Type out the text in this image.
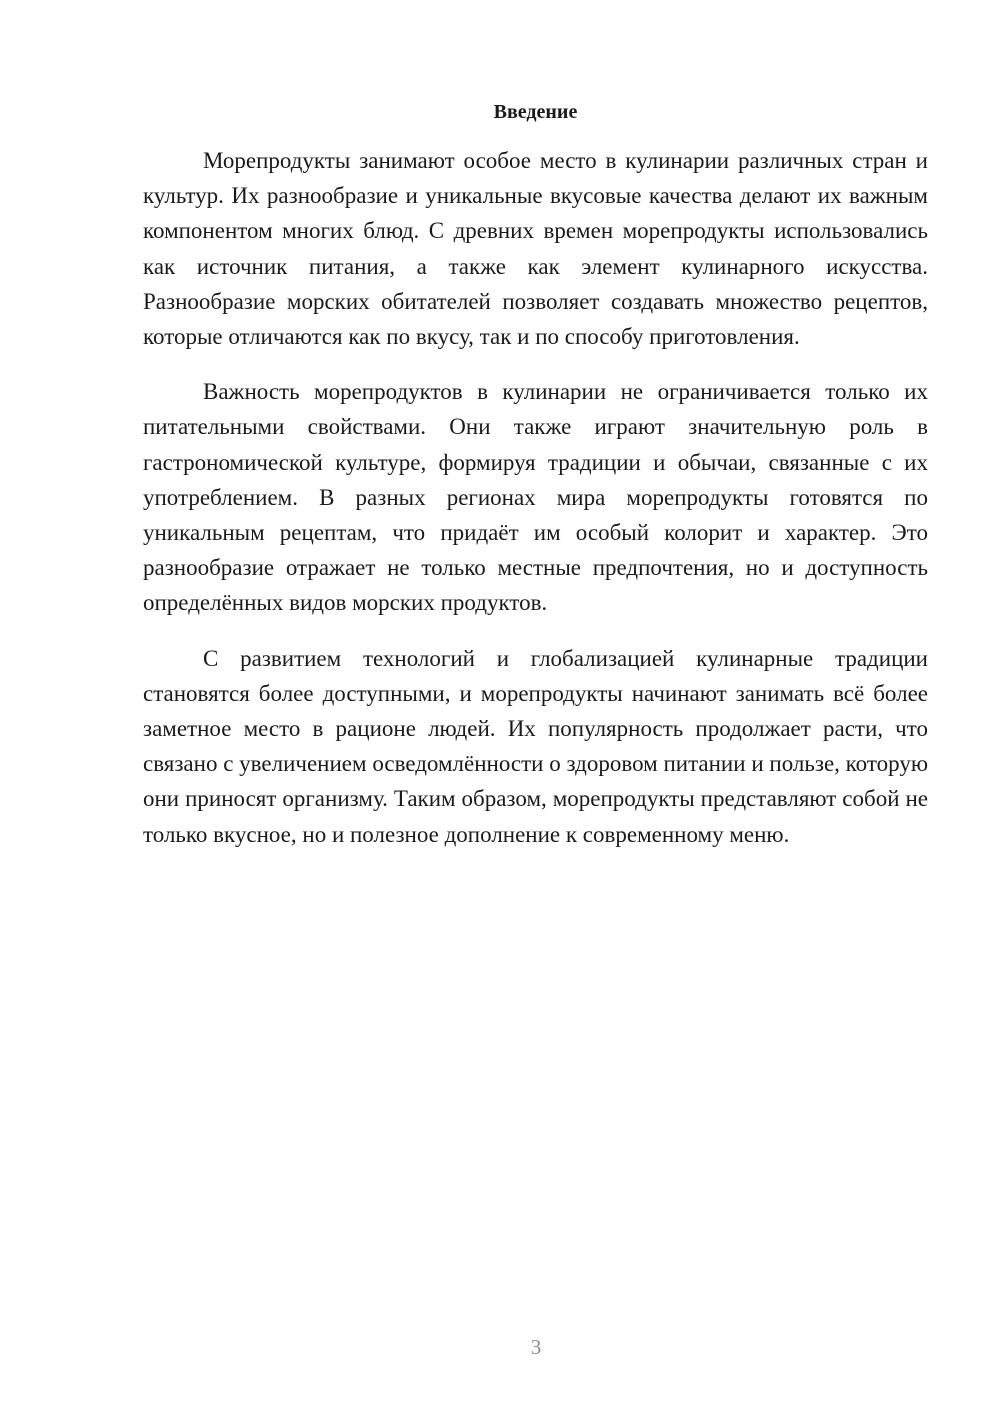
Введение

Морепродукты занимают особое место в кулинарии различных стран и культур. Их разнообразие и уникальные вкусовые качества делают их важным компонентом многих блюд. С древних времен морепродукты использовались как источник питания, а также как элемент кулинарного искусства. Разнообразие морских обитателей позволяет создавать множество рецептов, которые отличаются как по вкусу, так и по способу приготовления.

Важность морепродуктов в кулинарии не ограничивается только их питательными свойствами. Они также играют значительную роль в гастрономической культуре, формируя традиции и обычаи, связанные с их употреблением. В разных регионах мира морепродукты готовятся по уникальным рецептам, что придаёт им особый колорит и характер. Это разнообразие отражает не только местные предпочтения, но и доступность определённых видов морских продуктов.

С развитием технологий и глобализацией кулинарные традиции становятся более доступными, и морепродукты начинают занимать всё более заметное место в рационе людей. Их популярность продолжает расти, что связано с увеличением осведомлённости о здоровом питании и пользе, которую они приносят организму. Таким образом, морепродукты представляют собой не только вкусное, но и полезное дополнение к современному меню.

3
